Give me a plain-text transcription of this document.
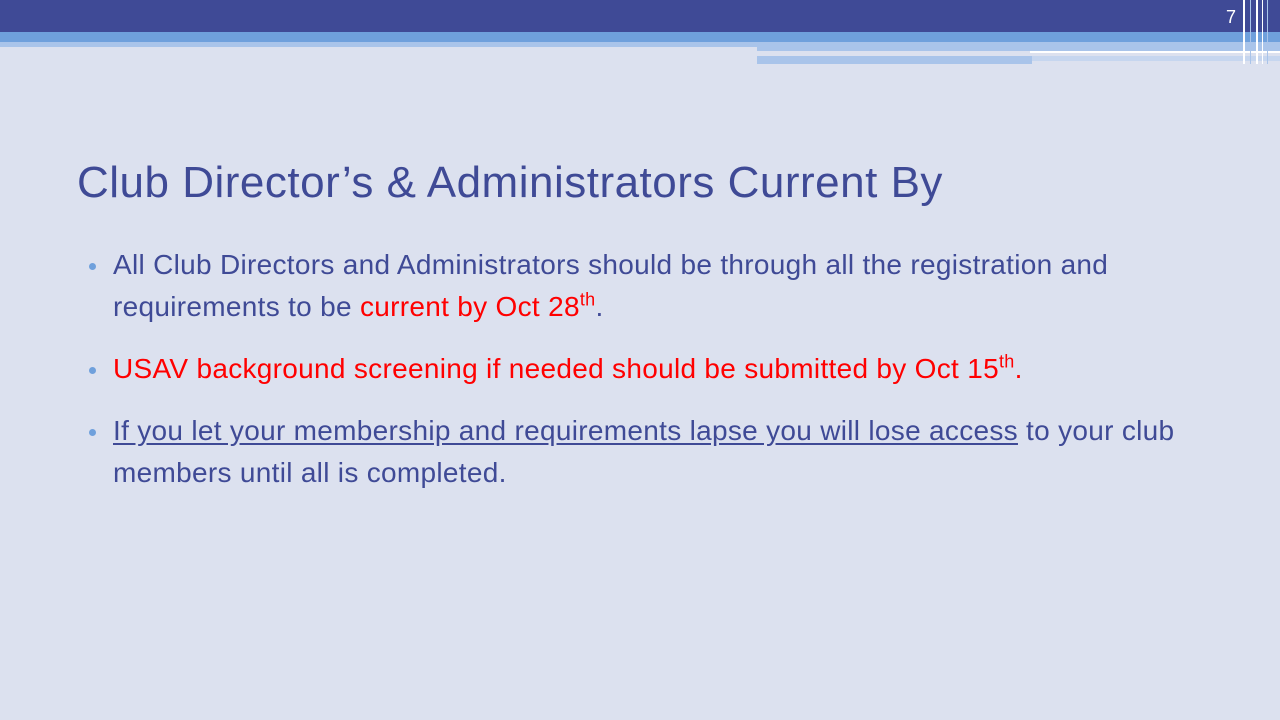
7
Club Director’s & Administrators Current By
All Club Directors and Administrators should be through all the registration and requirements to be current by Oct 28th.
USAV background screening if needed should be submitted by Oct 15th.
If you let your membership and requirements lapse you will lose access to your club members until all is completed.
